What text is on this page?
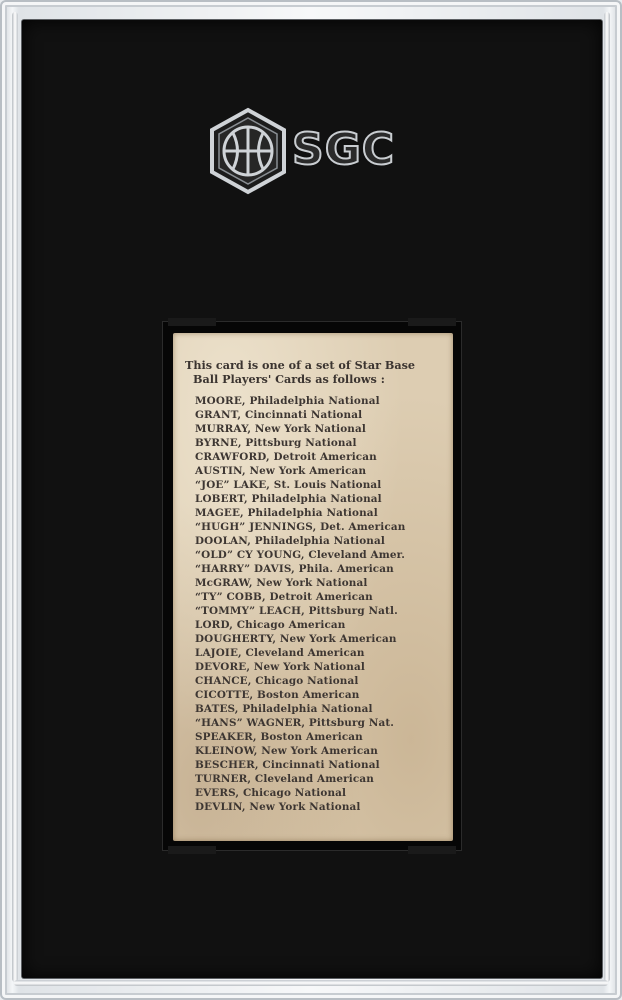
SGC
This card is one of a set of Star Base
Ball Players' Cards as follows :
MOORE, Philadelphia National
GRANT, Cincinnati National
MURRAY, New York National
BYRNE, Pittsburg National
CRAWFORD, Detroit American
AUSTIN, New York American
“JOE” LAKE, St. Louis National
LOBERT, Philadelphia National
MAGEE, Philadelphia National
“HUGH” JENNINGS, Det. American
DOOLAN, Philadelphia National
“OLD” CY YOUNG, Cleveland Amer.
“HARRY” DAVIS, Phila. American
McGRAW, New York National
“TY” COBB, Detroit American
“TOMMY” LEACH, Pittsburg Natl.
LORD, Chicago American
DOUGHERTY, New York American
LAJOIE, Cleveland American
DEVORE, New York National
CHANCE, Chicago National
CICOTTE, Boston American
BATES, Philadelphia National
“HANS” WAGNER, Pittsburg Nat.
SPEAKER, Boston American
KLEINOW, New York American
BESCHER, Cincinnati National
TURNER, Cleveland American
EVERS, Chicago National
DEVLIN, New York National
